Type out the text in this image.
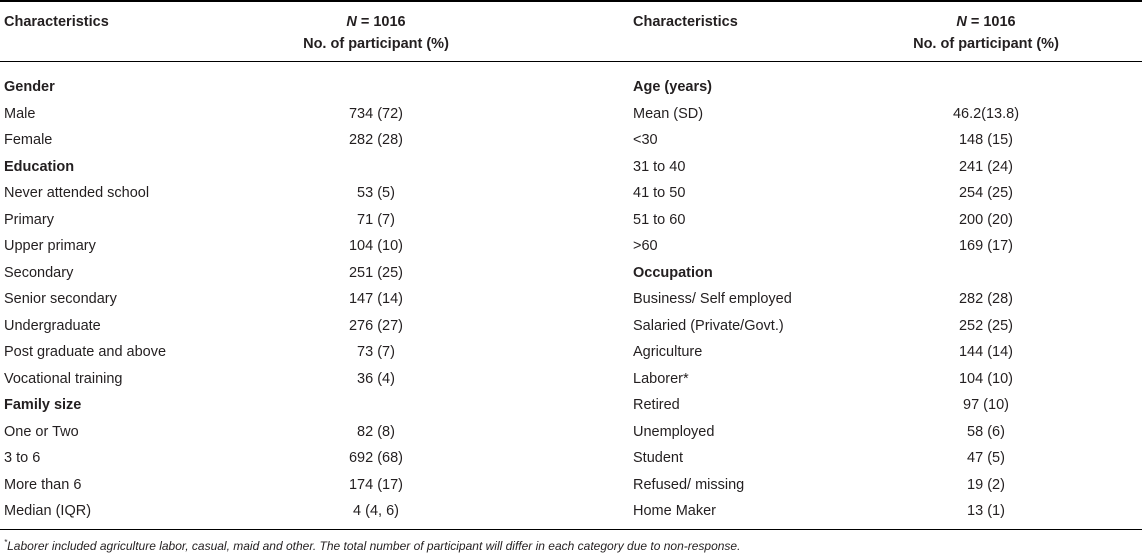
Characteristics	N = 1016
No. of participant (%)
Characteristics	N = 1016
No. of participant (%)
Gender
Male	734 (72)
Female	282 (28)
Education
Never attended school	53 (5)
Primary	71 (7)
Upper primary	104 (10)
Secondary	251 (25)
Senior secondary	147 (14)
Undergraduate	276 (27)
Post graduate and above	73 (7)
Vocational training	36 (4)
Family size
One or Two	82 (8)
3 to 6	692 (68)
More than 6	174 (17)
Median (IQR)	4 (4, 6)
Age (years)
Mean (SD)	46.2(13.8)
<30	148 (15)
31 to 40	241 (24)
41 to 50	254 (25)
51 to 60	200 (20)
>60	169 (17)
Occupation
Business/ Self employed	282 (28)
Salaried (Private/Govt.)	252 (25)
Agriculture	144 (14)
Laborer*	104 (10)
Retired	97 (10)
Unemployed	58 (6)
Student	47 (5)
Refused/ missing	19 (2)
Home Maker	13 (1)
*Laborer included agriculture labor, casual, maid and other. The total number of participant will differ in each category due to non-response.
